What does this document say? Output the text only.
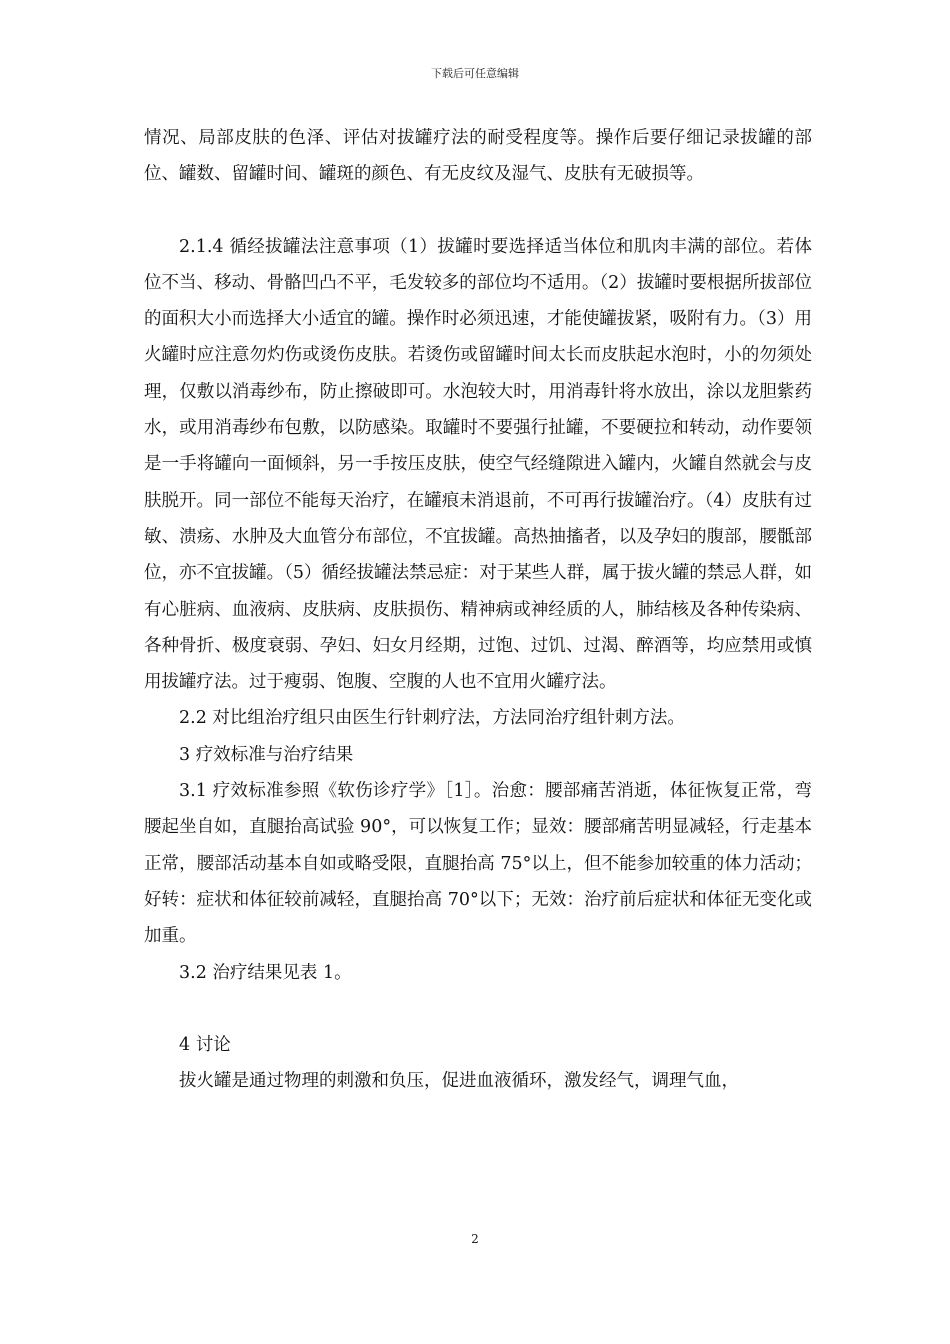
下载后可任意编辑

情况、局部皮肤的色泽、评估对拔罐疗法的耐受程度等。操作后要仔细记录拔罐的部位、罐数、留罐时间、罐斑的颜色、有无皮纹及湿气、皮肤有无破损等。

2.1.4 循经拔罐法注意事项（1）拔罐时要选择适当体位和肌肉丰满的部位。若体位不当、移动、骨骼凹凸不平，毛发较多的部位均不适用。（2）拔罐时要根据所拔部位的面积大小而选择大小适宜的罐。操作时必须迅速，才能使罐拔紧，吸附有力。（3）用火罐时应注意勿灼伤或烫伤皮肤。若烫伤或留罐时间太长而皮肤起水泡时，小的勿须处理，仅敷以消毒纱布，防止擦破即可。水泡较大时，用消毒针将水放出，涂以龙胆紫药水，或用消毒纱布包敷，以防感染。取罐时不要强行扯罐，不要硬拉和转动，动作要领是一手将罐向一面倾斜，另一手按压皮肤，使空气经缝隙进入罐内，火罐自然就会与皮肤脱开。同一部位不能每天治疗，在罐痕未消退前，不可再行拔罐治疗。（4）皮肤有过敏、溃疡、水肿及大血管分布部位，不宜拔罐。高热抽搐者，以及孕妇的腹部，腰骶部位，亦不宜拔罐。（5）循经拔罐法禁忌症：对于某些人群，属于拔火罐的禁忌人群，如有心脏病、血液病、皮肤病、皮肤损伤、精神病或神经质的人，肺结核及各种传染病、各种骨折、极度衰弱、孕妇、妇女月经期，过饱、过饥、过渴、醉酒等，均应禁用或慎用拔罐疗法。过于瘦弱、饱腹、空腹的人也不宜用火罐疗法。

2.2 对比组治疗组只由医生行针刺疗法，方法同治疗组针刺方法。

3 疗效标准与治疗结果

3.1 疗效标准参照《软伤诊疗学》［1］。治愈：腰部痛苦消逝，体征恢复正常，弯腰起坐自如，直腿抬高试验 90°，可以恢复工作；显效：腰部痛苦明显减轻，行走基本正常，腰部活动基本自如或略受限，直腿抬高 75°以上，但不能参加较重的体力活动；好转：症状和体征较前减轻，直腿抬高 70°以下；无效：治疗前后症状和体征无变化或加重。

3.2 治疗结果见表 1。

4 讨论

拔火罐是通过物理的刺激和负压，促进血液循环，激发经气，调理气血，

2
